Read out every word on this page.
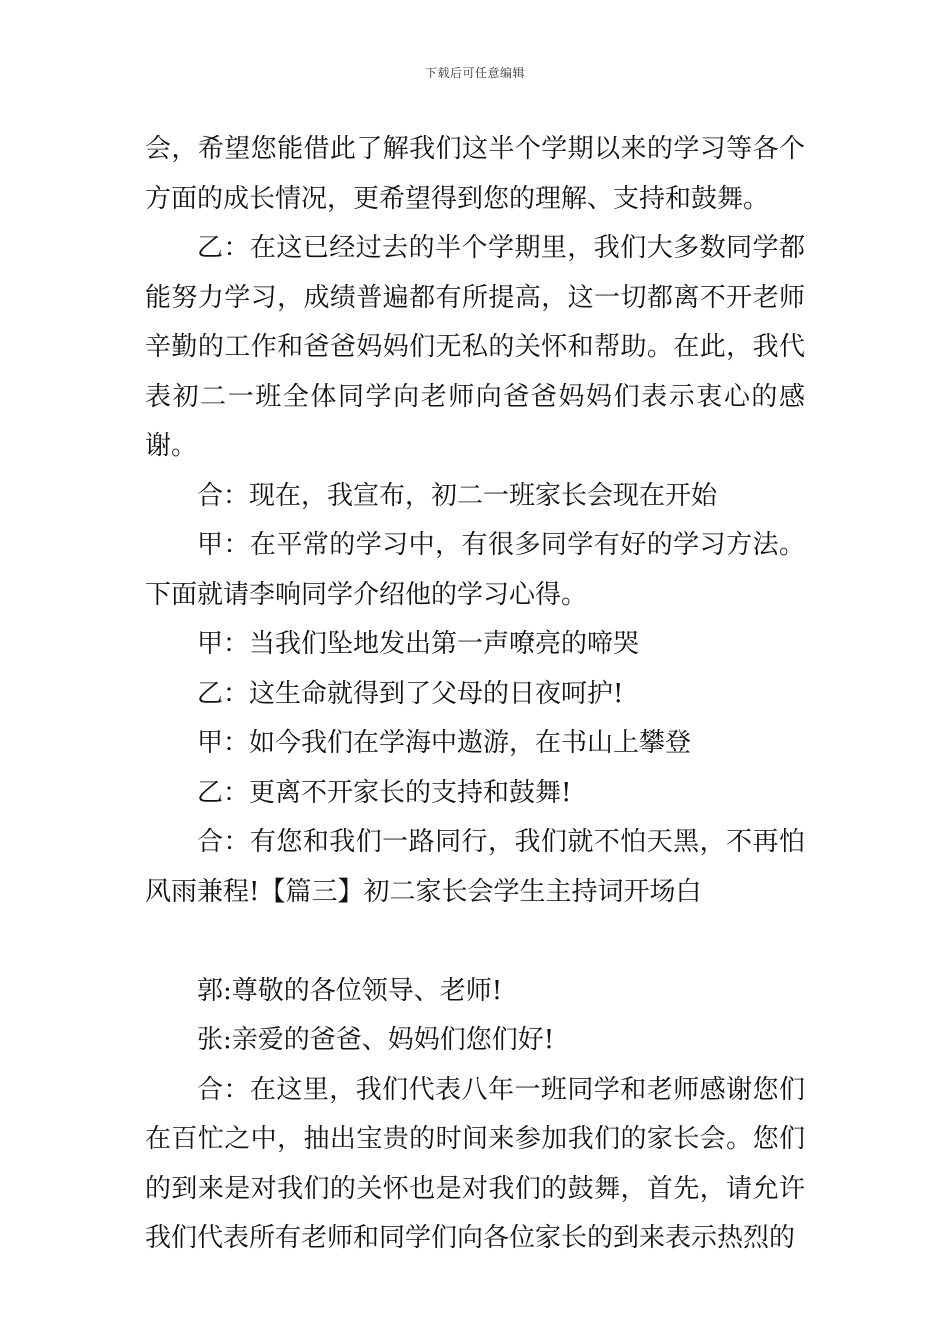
下载后可任意编辑

会，希望您能借此了解我们这半个学期以来的学习等各个方面的成长情况，更希望得到您的理解、支持和鼓舞。

乙：在这已经过去的半个学期里，我们大多数同学都能努力学习，成绩普遍都有所提高，这一切都离不开老师辛勤的工作和爸爸妈妈们无私的关怀和帮助。在此，我代表初二一班全体同学向老师向爸爸妈妈们表示衷心的感谢。

合：现在，我宣布，初二一班家长会现在开始

甲：在平常的学习中，有很多同学有好的学习方法。下面就请李响同学介绍他的学习心得。

甲：当我们坠地发出第一声嘹亮的啼哭

乙：这生命就得到了父母的日夜呵护!

甲：如今我们在学海中遨游，在书山上攀登

乙：更离不开家长的支持和鼓舞!

合：有您和我们一路同行，我们就不怕天黑，不再怕风雨兼程!【篇三】初二家长会学生主持词开场白

郭:尊敬的各位领导、老师!

张:亲爱的爸爸、妈妈们您们好!

合：在这里，我们代表八年一班同学和老师感谢您们在百忙之中，抽出宝贵的时间来参加我们的家长会。您们的到来是对我们的关怀也是对我们的鼓舞，首先，请允许我们代表所有老师和同学们向各位家长的到来表示热烈的
